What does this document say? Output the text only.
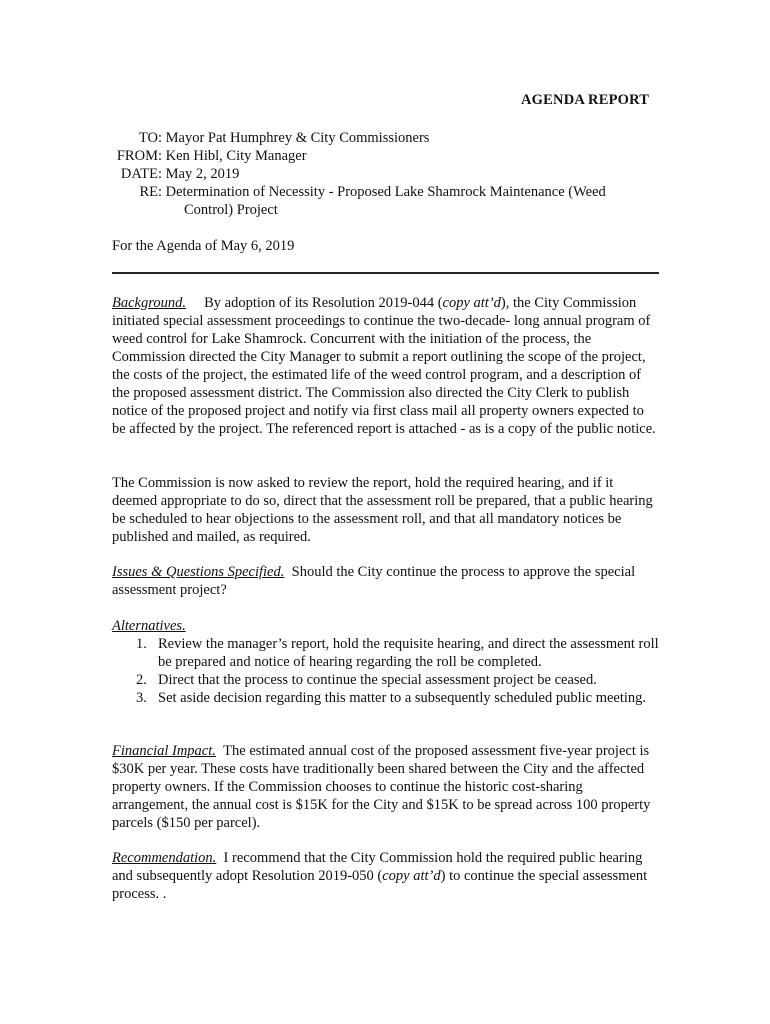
AGENDA REPORT
TO: Mayor Pat Humphrey & City Commissioners
FROM: Ken Hibl, City Manager
DATE: May 2, 2019
RE: Determination of Necessity - Proposed Lake Shamrock Maintenance (Weed
Control) Project
For the Agenda of May 6, 2019

Background. By adoption of its Resolution 2019-044 (copy att’d), the City Commission initiated special assessment proceedings to continue the two-decade- long annual program of weed control for Lake Shamrock. Concurrent with the initiation of the process, the Commission directed the City Manager to submit a report outlining the scope of the project, the costs of the project, the estimated life of the weed control program, and a description of the proposed assessment district. The Commission also directed the City Clerk to publish notice of the proposed project and notify via first class mail all property owners expected to be affected by the project. The referenced report is attached - as is a copy of the public notice.

The Commission is now asked to review the report, hold the required hearing, and if it deemed appropriate to do so, direct that the assessment roll be prepared, that a public hearing be scheduled to hear objections to the assessment roll, and that all mandatory notices be published and mailed, as required.

Issues & Questions Specified. Should the City continue the process to approve the special assessment project?

Alternatives.

1. Review the manager’s report, hold the requisite hearing, and direct the assessment roll be prepared and notice of hearing regarding the roll be completed.
2. Direct that the process to continue the special assessment project be ceased.
3. Set aside decision regarding this matter to a subsequently scheduled public meeting.

Financial Impact. The estimated annual cost of the proposed assessment five-year project is $30K per year. These costs have traditionally been shared between the City and the affected property owners. If the Commission chooses to continue the historic cost-sharing arrangement, the annual cost is $15K for the City and $15K to be spread across 100 property parcels ($150 per parcel).

Recommendation. I recommend that the City Commission hold the required public hearing and subsequently adopt Resolution 2019-050 (copy att’d) to continue the special assessment process. .
